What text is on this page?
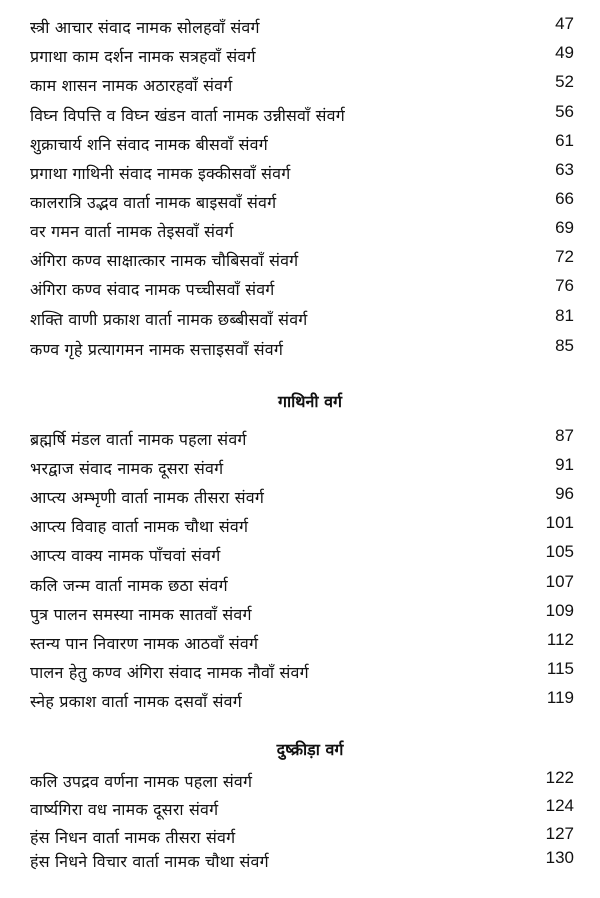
स्त्री आचार संवाद नामक सोलहवाँ संवर्ग	47
प्रगाथा काम दर्शन नामक सत्रहवाँ संवर्ग	49
काम शासन नामक अठारहवाँ संवर्ग	52
विघ्न विपत्ति व विघ्न खंडन वार्ता नामक उन्नीसवाँ संवर्ग	56
शुक्राचार्य शनि संवाद नामक बीसवाँ संवर्ग	61
प्रगाथा गाथिनी संवाद नामक इक्कीसवाँ संवर्ग	63
कालरात्रि उद्भव वार्ता नामक बाइसवाँ संवर्ग	66
वर गमन वार्ता नामक तेइसवाँ संवर्ग	69
अंगिरा कण्व साक्षात्कार नामक चौबिसवाँ संवर्ग	72
अंगिरा कण्व संवाद नामक पच्चीसवाँ संवर्ग	76
शक्ति वाणी प्रकाश वार्ता नामक छब्बीसवाँ संवर्ग	81
कण्व गृहे प्रत्यागमन नामक सत्ताइसवाँ संवर्ग	85
गाथिनी वर्ग
ब्रह्मर्षि मंडल वार्ता नामक पहला संवर्ग	87
भरद्वाज संवाद नामक दूसरा संवर्ग	91
आप्त्य अम्भृणी वार्ता नामक तीसरा संवर्ग	96
आप्त्य विवाह वार्ता नामक चौथा संवर्ग	101
आप्त्य वाक्य नामक पाँचवां संवर्ग	105
कलि जन्म वार्ता नामक छठा संवर्ग	107
पुत्र पालन समस्या नामक सातवाँ संवर्ग	109
स्तन्य पान निवारण नामक आठवाँ संवर्ग	112
पालन हेतु कण्व अंगिरा संवाद नामक नौवाँ संवर्ग	115
स्नेह प्रकाश वार्ता नामक दसवाँ संवर्ग	119
दुष्क्रीड़ा वर्ग
कलि उपद्रव वर्णना नामक पहला संवर्ग	122
वार्ष्यगिरा वध नामक दूसरा संवर्ग	124
हंस निधन वार्ता नामक तीसरा संवर्ग	127
हंस निधने विचार वार्ता नामक चौथा संवर्ग	130
